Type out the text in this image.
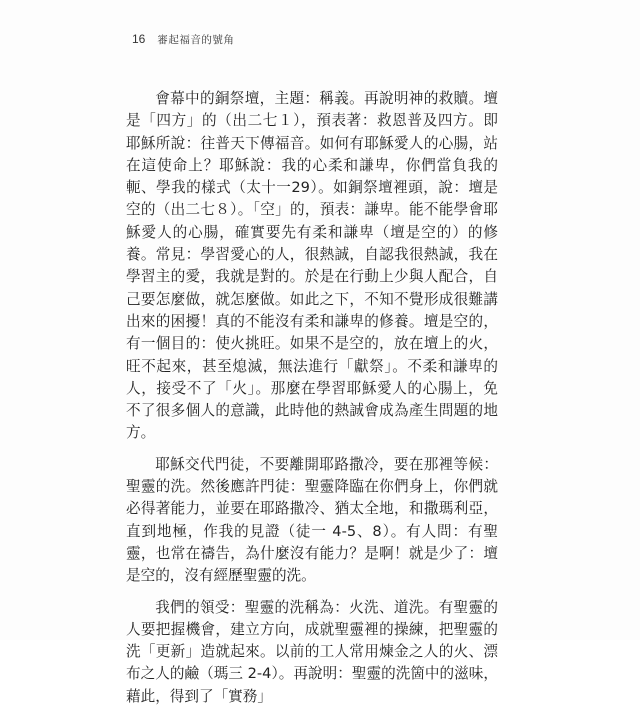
16 審起福音的號角

會幕中的銅祭壇，主題：稱義。再說明神的救贖。壇是「四方」的（出二七１），預表著：救恩普及四方。即耶穌所說：往普天下傳福音。如何有耶穌愛人的心腸，站在這使命上？耶穌說：我的心柔和謙卑，你們當負我的軛、學我的樣式（太十一29）。如銅祭壇裡頭，說：壇是空的（出二七８）。「空」的，預表：謙卑。能不能學會耶穌愛人的心腸，確實要先有柔和謙卑（壇是空的）的修養。常見：學習愛心的人，很熱誠，自認我很熱誠，我在學習主的愛，我就是對的。於是在行動上少與人配合，自己要怎麼做，就怎麼做。如此之下，不知不覺形成很難講出來的困擾！真的不能沒有柔和謙卑的修養。壇是空的，有一個目的：使火挑旺。如果不是空的，放在壇上的火，旺不起來，甚至熄滅，無法進行「獻祭」。不柔和謙卑的人，接受不了「火」。那麼在學習耶穌愛人的心腸上，免不了很多個人的意識，此時他的熱誠會成為產生問題的地方。

耶穌交代門徒，不要離開耶路撒冷，要在那裡等候：聖靈的洗。然後應許門徒：聖靈降臨在你們身上，你們就必得著能力，並要在耶路撒冷、猶太全地，和撒瑪利亞，直到地極，作我的見證（徒一 4-5、8）。有人問：有聖靈，也常在禱告，為什麼沒有能力？是啊！就是少了：壇是空的，沒有經歷聖靈的洗。

我們的領受：聖靈的洗稱為：火洗、道洗。有聖靈的人要把握機會，建立方向，成就聖靈裡的操練，把聖靈的洗「更新」造就起來。以前的工人常用煉金之人的火、漂布之人的鹼（瑪三 2-4）。再說明：聖靈的洗箇中的滋味，藉此，得到了「實務」
